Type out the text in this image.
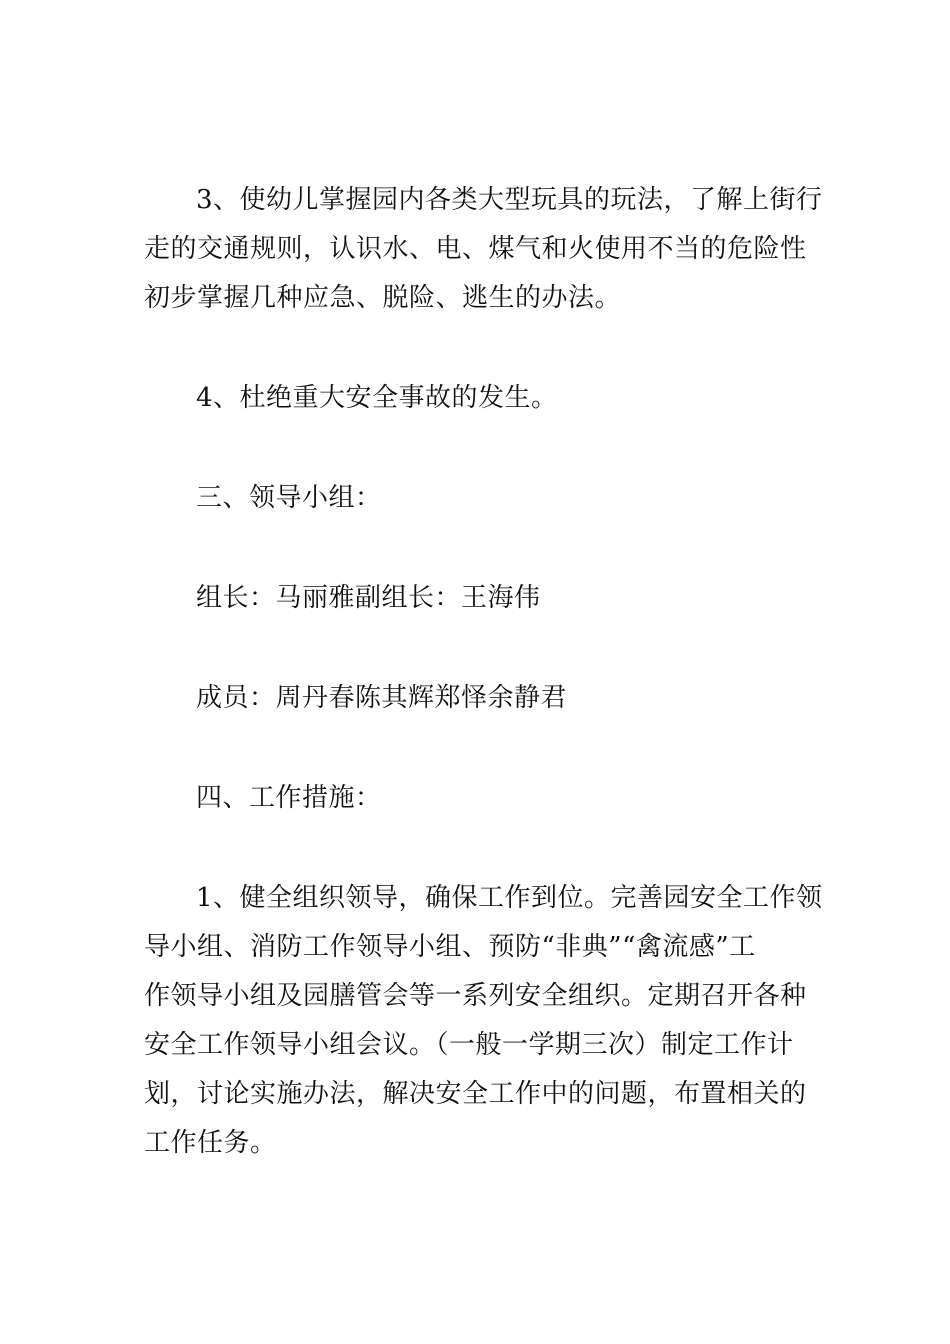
3、使幼儿掌握园内各类大型玩具的玩法，了解上街行
走的交通规则，认识水、电、煤气和火使用不当的危险性
初步掌握几种应急、脱险、逃生的办法。
4、杜绝重大安全事故的发生。
三、领导小组：
组长：马丽雅副组长：王海伟
成员：周丹春陈其辉郑怿余静君
四、工作措施：
1、健全组织领导，确保工作到位。完善园安全工作领
导小组、消防工作领导小组、预防“非典”“禽流感”工
作领导小组及园膳管会等一系列安全组织。定期召开各种
安全工作领导小组会议。（一般一学期三次）制定工作计
划，讨论实施办法，解决安全工作中的问题，布置相关的
工作任务。
